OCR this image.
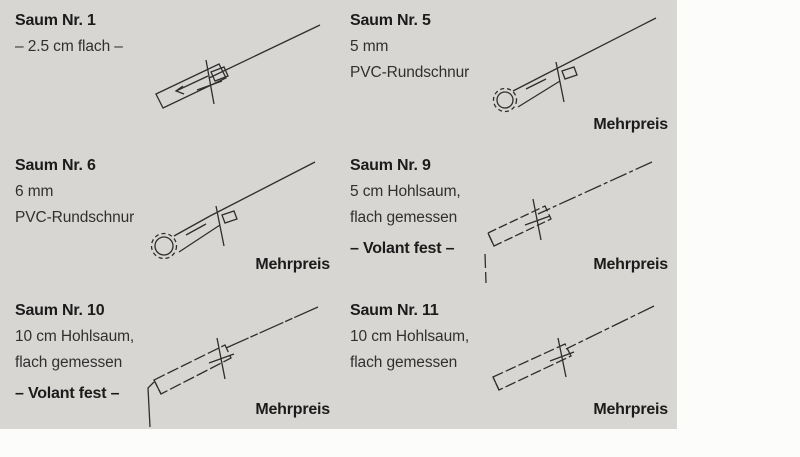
Saum Nr. 1
– 2.5 cm flach –
Saum Nr. 5
5 mm
PVC-Rundschnur
Mehrpreis
Saum Nr. 6
6 mm
PVC-Rundschnur
Mehrpreis
Saum Nr. 9
5 cm Hohlsaum,
flach gemessen
– Volant fest –
Mehrpreis
Saum Nr. 10
10 cm Hohlsaum,
flach gemessen
– Volant fest –
Mehrpreis
Saum Nr. 11
10 cm Hohlsaum,
flach gemessen
Mehrpreis
